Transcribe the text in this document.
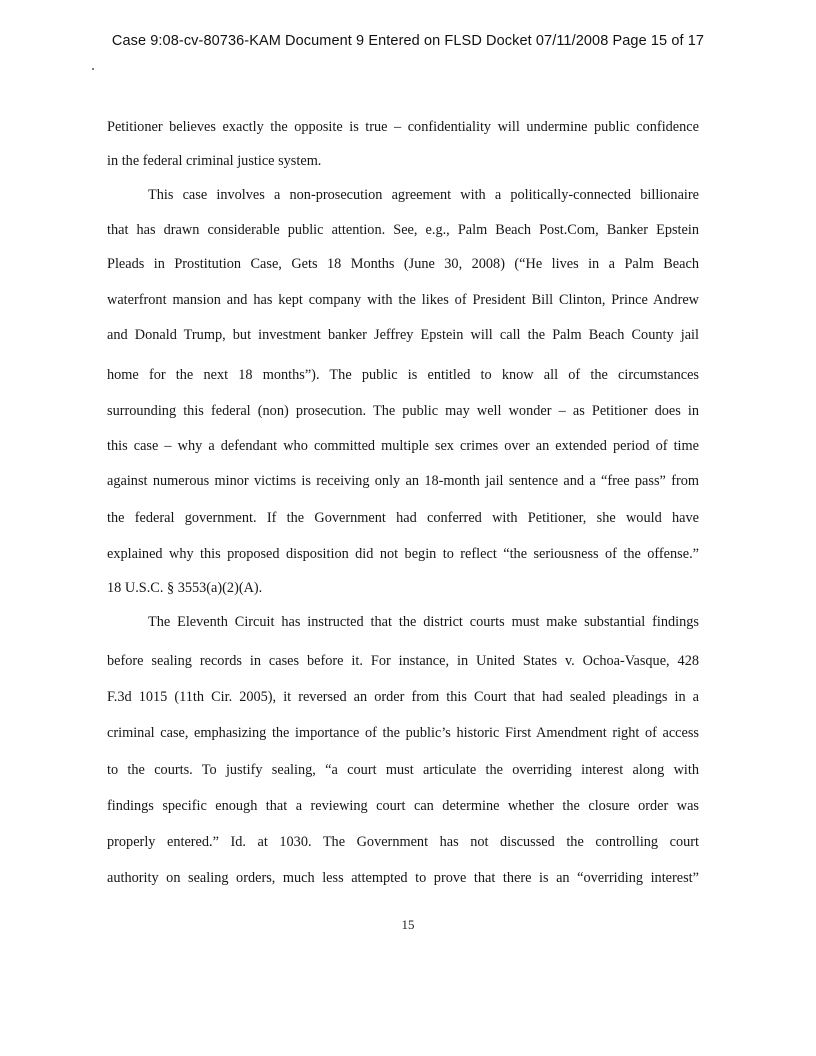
Case 9:08-cv-80736-KAM Document 9 Entered on FLSD Docket 07/11/2008 Page 15 of 17
Petitioner believes exactly the opposite is true – confidentiality will undermine public confidence
in the federal criminal justice system.
This case involves a non-prosecution agreement with a politically-connected billionaire
that has drawn considerable public attention. See, e.g., Palm Beach Post.Com, Banker Epstein
Pleads in Prostitution Case, Gets 18 Months (June 30, 2008) (“He lives in a Palm Beach
waterfront mansion and has kept company with the likes of President Bill Clinton, Prince Andrew
and Donald Trump, but investment banker Jeffrey Epstein will call the Palm Beach County jail
home for the next 18 months”). The public is entitled to know all of the circumstances
surrounding this federal (non) prosecution. The public may well wonder – as Petitioner does in
this case – why a defendant who committed multiple sex crimes over an extended period of time
against numerous minor victims is receiving only an 18-month jail sentence and a “free pass” from
the federal government. If the Government had conferred with Petitioner, she would have
explained why this proposed disposition did not begin to reflect “the seriousness of the offense.”
18 U.S.C. § 3553(a)(2)(A).
The Eleventh Circuit has instructed that the district courts must make substantial findings
before sealing records in cases before it. For instance, in United States v. Ochoa-Vasque, 428
F.3d 1015 (11th Cir. 2005), it reversed an order from this Court that had sealed pleadings in a
criminal case, emphasizing the importance of the public’s historic First Amendment right of access
to the courts. To justify sealing, “a court must articulate the overriding interest along with
findings specific enough that a reviewing court can determine whether the closure order was
properly entered.” Id. at 1030. The Government has not discussed the controlling court
authority on sealing orders, much less attempted to prove that there is an “overriding interest”
15
